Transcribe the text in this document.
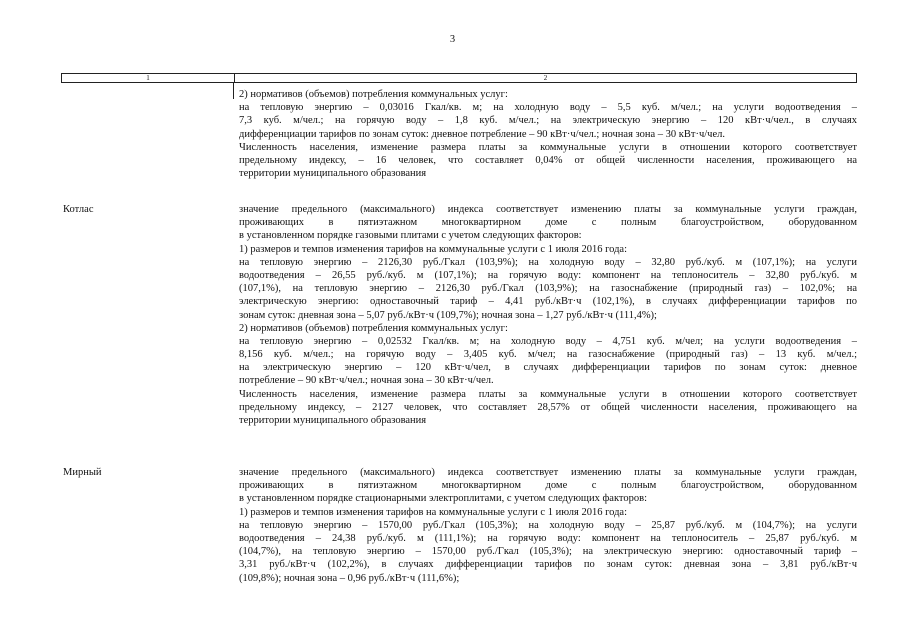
3
1	2
2) нормативов (объемов) потребления коммунальных услуг:
на тепловую энергию – 0,03016 Гкал/кв. м; на холодную воду – 5,5 куб. м/чел.; на услуги водоотведения –
7,3 куб. м/чел.; на горячую воду – 1,8 куб. м/чел.; на электрическую энергию – 120 кВт·ч/чел., в случаях
дифференциации тарифов по зонам суток: дневное потребление – 90 кВт·ч/чел.; ночная зона – 30 кВт·ч/чел.
Численность населения, изменение размера платы за коммунальные услуги в отношении которого соответствует
предельному индексу, – 16 человек, что составляет 0,04% от общей численности населения, проживающего на
территории муниципального образования
Котлас	значение предельного (максимального) индекса соответствует изменению платы за коммунальные услуги граждан,
проживающих в пятиэтажном многоквартирном доме с полным благоустройством, оборудованном
в установленном порядке газовыми плитами с учетом следующих факторов:
1) размеров и темпов изменения тарифов на коммунальные услуги с 1 июля 2016 года:
на тепловую энергию – 2126,30 руб./Гкал (103,9%); на холодную воду – 32,80 руб./куб. м (107,1%); на услуги
водоотведения – 26,55 руб./куб. м (107,1%); на горячую воду: компонент на теплоноситель – 32,80 руб./куб. м
(107,1%), на тепловую энергию – 2126,30 руб./Гкал (103,9%); на газоснабжение (природный газ) – 102,0%; на
электрическую энергию: одноставочный тариф – 4,41 руб./кВт·ч (102,1%), в случаях дифференциации тарифов по
зонам суток: дневная зона – 5,07 руб./кВт·ч (109,7%); ночная зона – 1,27 руб./кВт·ч (111,4%);
2) нормативов (объемов) потребления коммунальных услуг:
на тепловую энергию – 0,02532 Гкал/кв. м; на холодную воду – 4,751 куб. м/чел; на услуги водоотведения –
8,156 куб. м/чел.; на горячую воду – 3,405 куб. м/чел; на газоснабжение (природный газ) – 13 куб. м/чел.;
на электрическую энергию – 120 кВт·ч/чел, в случаях дифференциации тарифов по зонам суток: дневное
потребление – 90 кВт·ч/чел.; ночная зона – 30 кВт·ч/чел.
Численность населения, изменение размера платы за коммунальные услуги в отношении которого соответствует
предельному индексу, – 2127 человек, что составляет 28,57% от общей численности населения, проживающего на
территории муниципального образования
Мирный	значение предельного (максимального) индекса соответствует изменению платы за коммунальные услуги граждан,
проживающих в пятиэтажном многоквартирном доме с полным благоустройством, оборудованном
в установленном порядке стационарными электроплитами, с учетом следующих факторов:
1) размеров и темпов изменения тарифов на коммунальные услуги с 1 июля 2016 года:
на тепловую энергию – 1570,00 руб./Гкал (105,3%); на холодную воду – 25,87 руб./куб. м (104,7%); на услуги
водоотведения – 24,38 руб./куб. м (111,1%); на горячую воду: компонент на теплоноситель – 25,87 руб./куб. м
(104,7%), на тепловую энергию – 1570,00 руб./Гкал (105,3%); на электрическую энергию: одноставочный тариф –
3,31 руб./кВт·ч (102,2%), в случаях дифференциации тарифов по зонам суток: дневная зона – 3,81 руб./кВт·ч
(109,8%); ночная зона – 0,96 руб./кВт·ч (111,6%);
